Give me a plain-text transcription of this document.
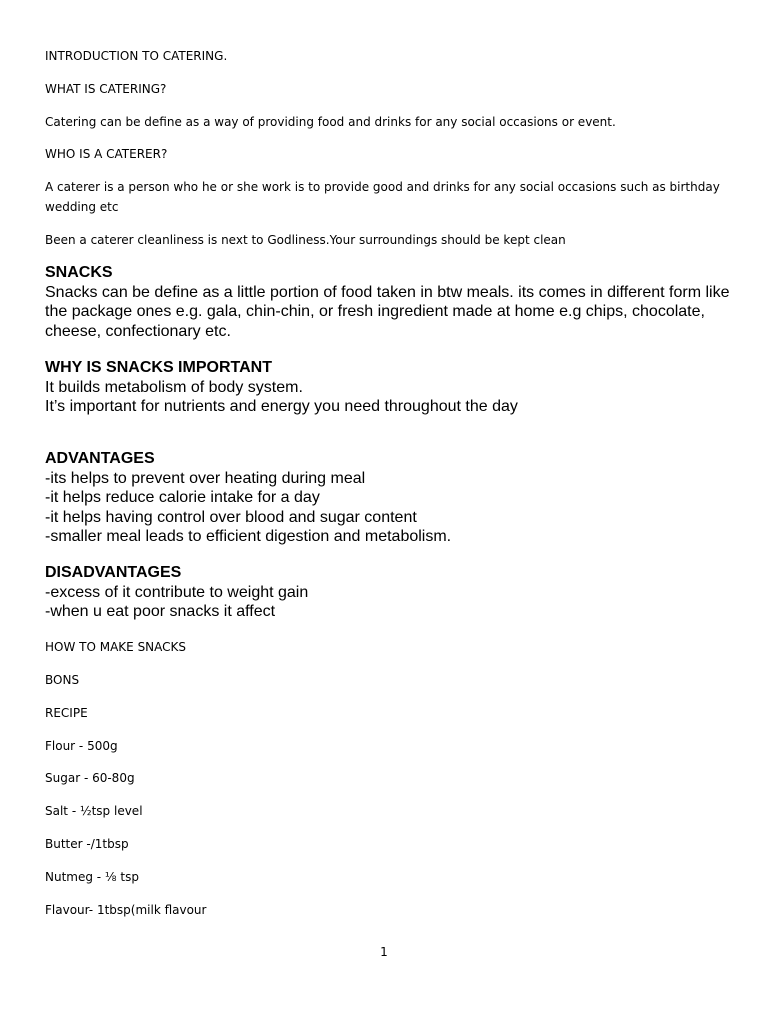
INTRODUCTION TO CATERING.
WHAT IS CATERING?
Catering can be define as a way of providing food and drinks for any social occasions or event.
WHO IS A CATERER?
A caterer is a person who he or she work is to provide good and drinks for any social occasions such as birthday wedding etc
Been a caterer cleanliness is next to Godliness.Your surroundings should be kept clean
SNACKS
Snacks can be define as a little portion of food taken in btw meals. its comes in different form like the package ones e.g. gala, chin-chin, or fresh ingredient made at home e.g chips, chocolate, cheese, confectionary etc.
WHY IS SNACKS IMPORTANT
It builds metabolism of body system.
It’s important for nutrients and energy you need throughout the day
ADVANTAGES
-its helps to prevent over heating during meal
-it helps reduce calorie intake for a day
-it helps having control over blood and sugar content
-smaller meal leads to efficient digestion and metabolism.
DISADVANTAGES
-excess of it contribute to weight gain
-when u eat poor snacks it affect
HOW TO MAKE SNACKS
BONS
RECIPE
Flour - 500g
Sugar - 60-80g
Salt - ½tsp level
Butter -/1tbsp
Nutmeg - ⅛ tsp
Flavour- 1tbsp(milk flavour
1
